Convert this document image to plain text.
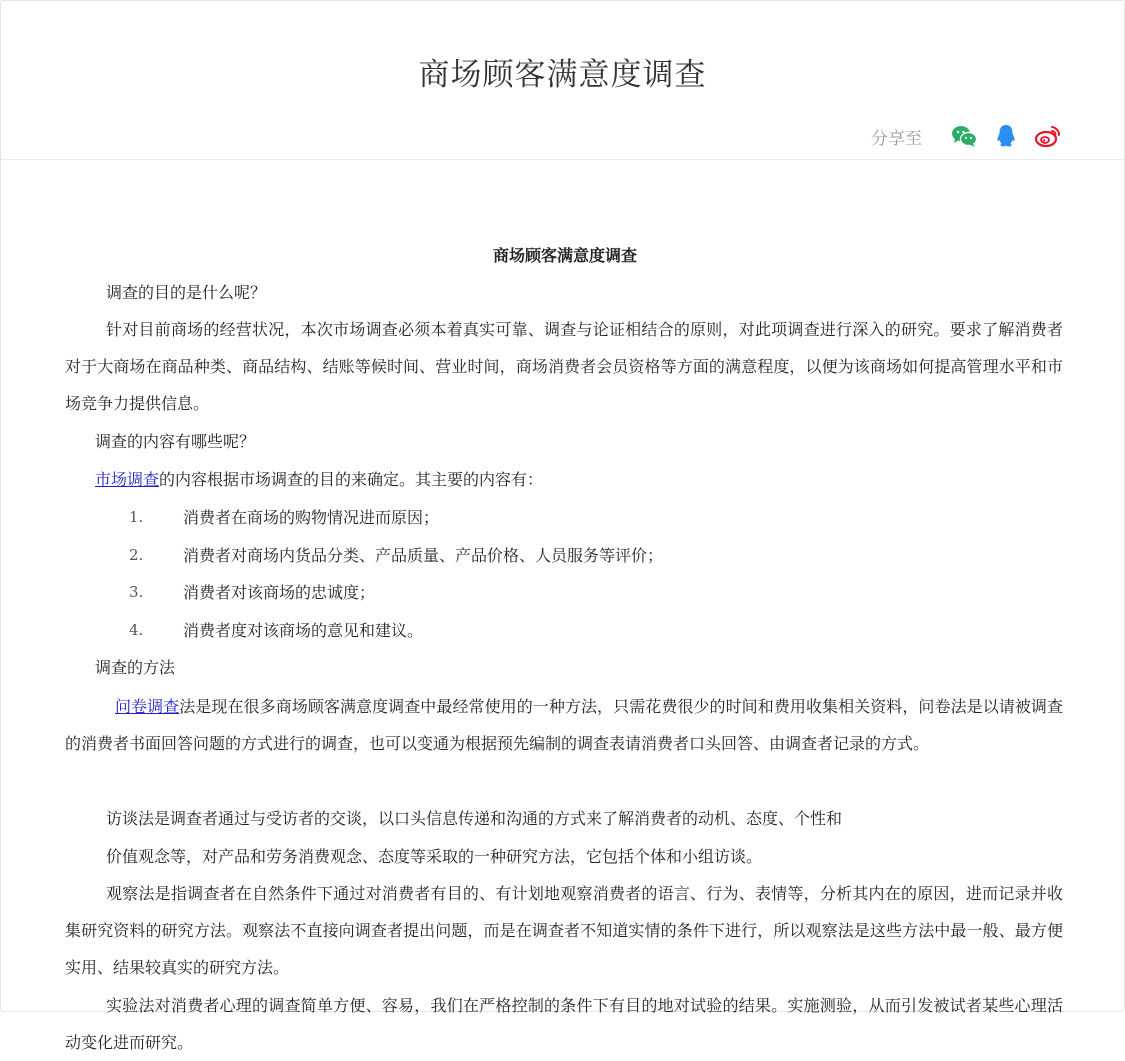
商场顾客满意度调查
分享至
商场顾客满意度调查

调查的目的是什么呢？

针对目前商场的经营状况，本次市场调查必须本着真实可靠、调查与论证相结合的原则，对此项调查进行深入的研究。要求了解消费者对于大商场在商品种类、商品结构、结账等候时间、营业时间，商场消费者会员资格等方面的满意程度，以便为该商场如何提高管理水平和市场竞争力提供信息。

调查的内容有哪些呢？

市场调查的内容根据市场调查的目的来确定。其主要的内容有：

1. 消费者在商场的购物情况进而原因；
2. 消费者对商场内货品分类、产品质量、产品价格、人员服务等评价；
3. 消费者对该商场的忠诚度；
4. 消费者度对该商场的意见和建议。

调查的方法

问卷调查法是现在很多商场顾客满意度调查中最经常使用的一种方法，只需花费很少的时间和费用收集相关资料，问卷法是以请被调查的消费者书面回答问题的方式进行的调查，也可以变通为根据预先编制的调查表请消费者口头回答、由调查者记录的方式。

访谈法是调查者通过与受访者的交谈，以口头信息传递和沟通的方式来了解消费者的动机、态度、个性和

价值观念等，对产品和劳务消费观念、态度等采取的一种研究方法，它包括个体和小组访谈。

观察法是指调查者在自然条件下通过对消费者有目的、有计划地观察消费者的语言、行为、表情等，分析其内在的原因，进而记录并收集研究资料的研究方法。观察法不直接向调查者提出问题，而是在调查者不知道实情的条件下进行，所以观察法是这些方法中最一般、最方便实用、结果较真实的研究方法。

实验法对消费者心理的调查简单方便、容易，我们在严格控制的条件下有目的地对试验的结果。实施测验，从而引发被试者某些心理活动变化进而研究。
